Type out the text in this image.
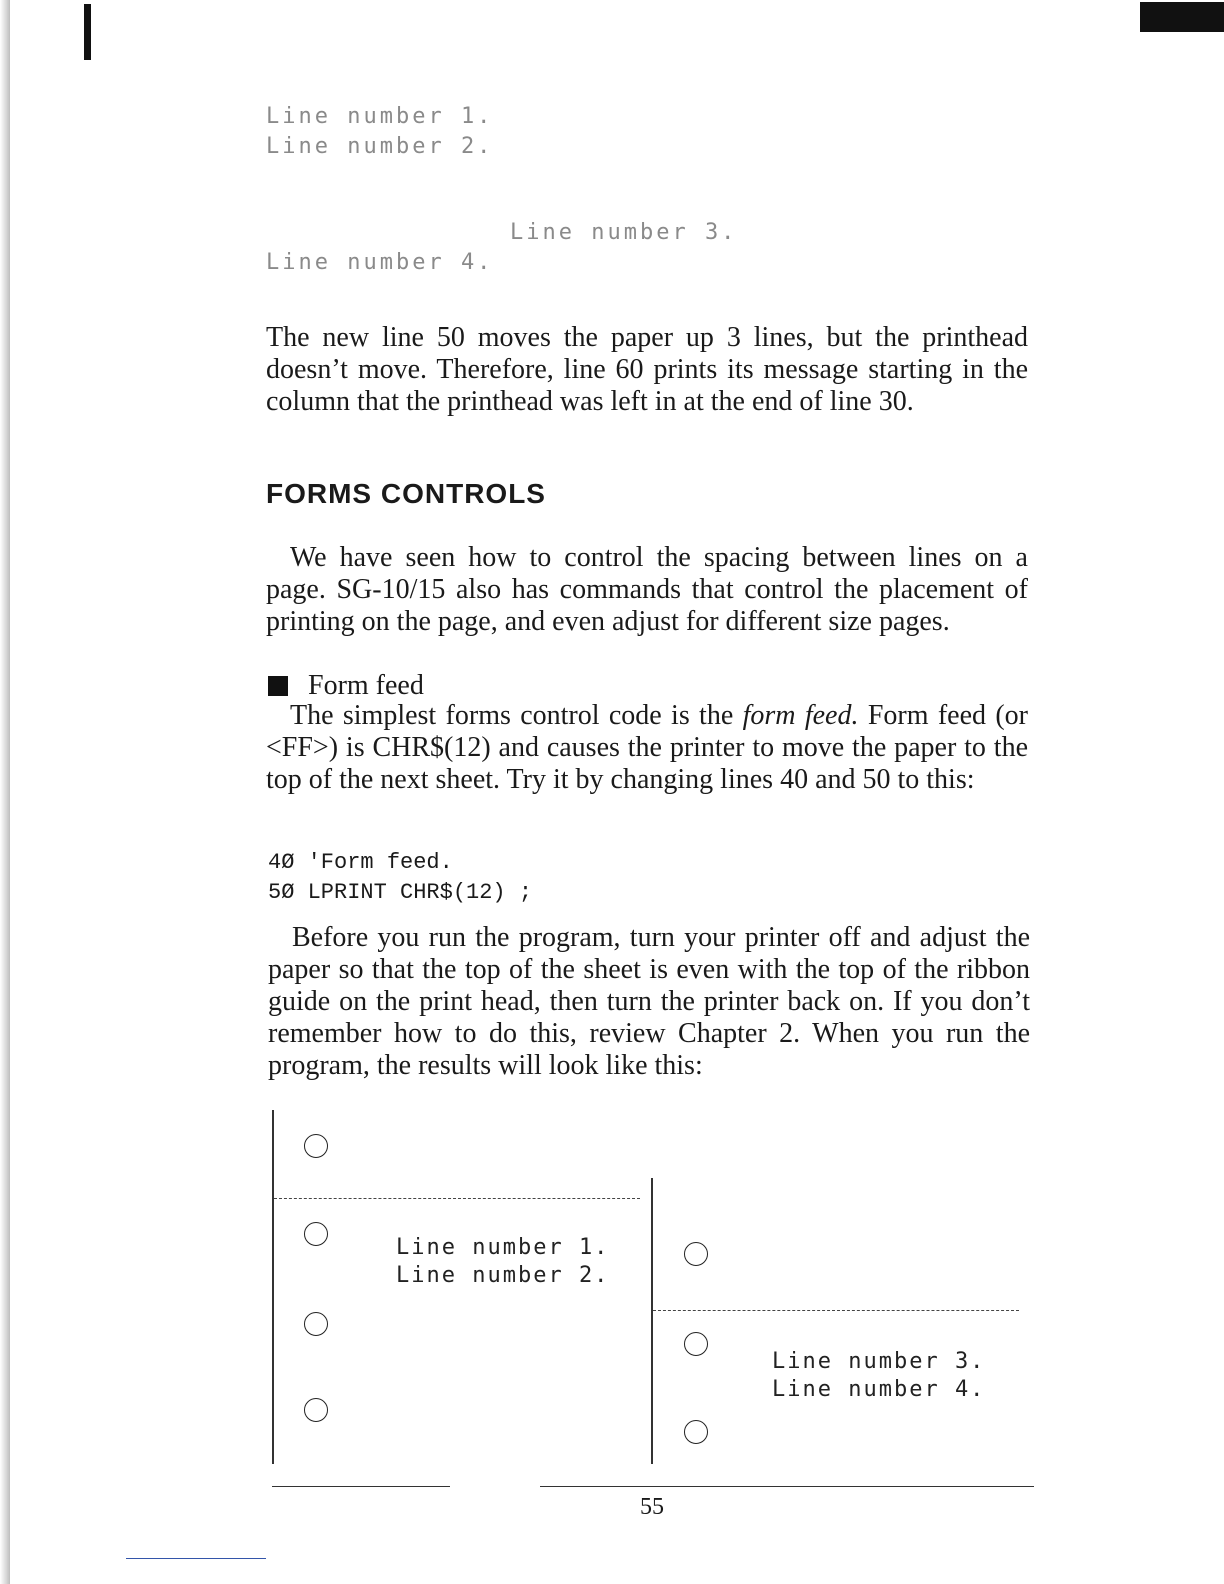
Line number 1.
Line number 2.
Line number 3.
Line number 4.
The new line 50 moves the paper up 3 lines, but the printhead doesn’t move. Therefore, line 60 prints its message starting in the column that the printhead was left in at the end of line 30.
FORMS CONTROLS
We have seen how to control the spacing between lines on a page. SG-10/15 also has commands that control the placement of printing on the page, and even adjust for different size pages.
Form feed
The simplest forms control code is the form feed. Form feed (or <FF>) is CHR$(12) and causes the printer to move the paper to the top of the next sheet. Try it by changing lines 40 and 50 to this:
4Ø 'Form feed.
5Ø LPRINT CHR$(12) ;
Before you run the program, turn your printer off and adjust the paper so that the top of the sheet is even with the top of the ribbon guide on the print head, then turn the printer back on. If you don’t remember how to do this, review Chapter 2. When you run the program, the results will look like this:
Line number 1.
Line number 2.
Line number 3.
Line number 4.
55
